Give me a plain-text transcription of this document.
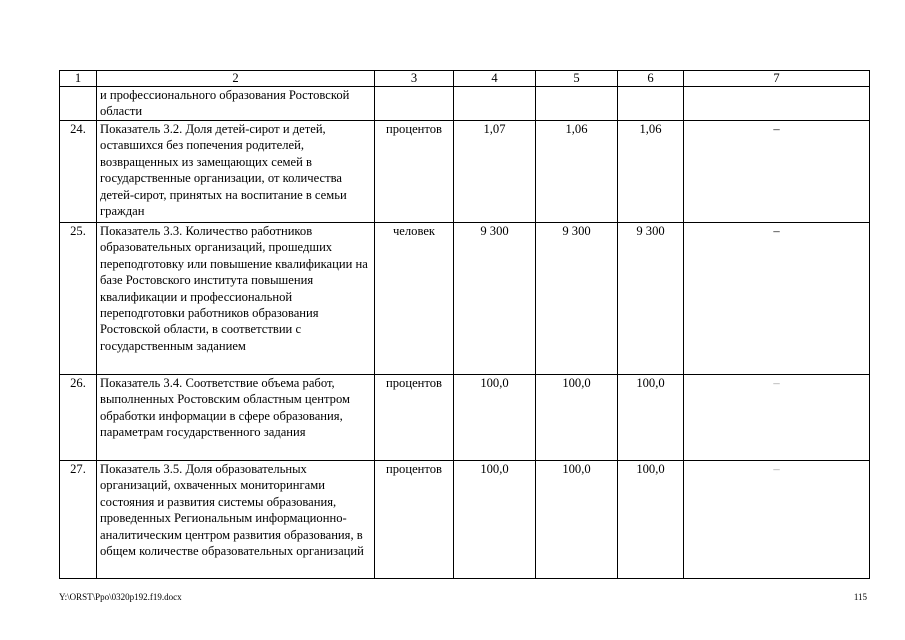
1	2	3	4	5	6	7
	и профессионального образования Ростовской области					
24.	Показатель 3.2. Доля детей-сирот и детей, оставшихся без попечения родителей, возвращенных из замещающих семей в государственные организации, от количества детей-сирот, принятых на воспитание в семьи граждан	процентов	1,07	1,06	1,06	–
25.	Показатель 3.3. Количество работников образовательных организаций, прошедших переподготовку или повышение квалификации на базе Ростовского института повышения квалификации и профессиональной переподготовки работников образования Ростовской области, в соответствии с государственным заданием	человек	9 300	9 300	9 300	–
26.	Показатель 3.4. Соответствие объема работ, выполненных Ростовским областным центром обработки информации в сфере образования, параметрам государственного задания	процентов	100,0	100,0	100,0	–
27.	Показатель 3.5. Доля образовательных организаций, охваченных мониторингами состояния и развития системы образования, проведенных Региональным информационно-аналитическим центром развития образования, в общем количестве образовательных организаций	процентов	100,0	100,0	100,0	–
Y:\ORST\Ppo\0320p192.f19.docx	115
